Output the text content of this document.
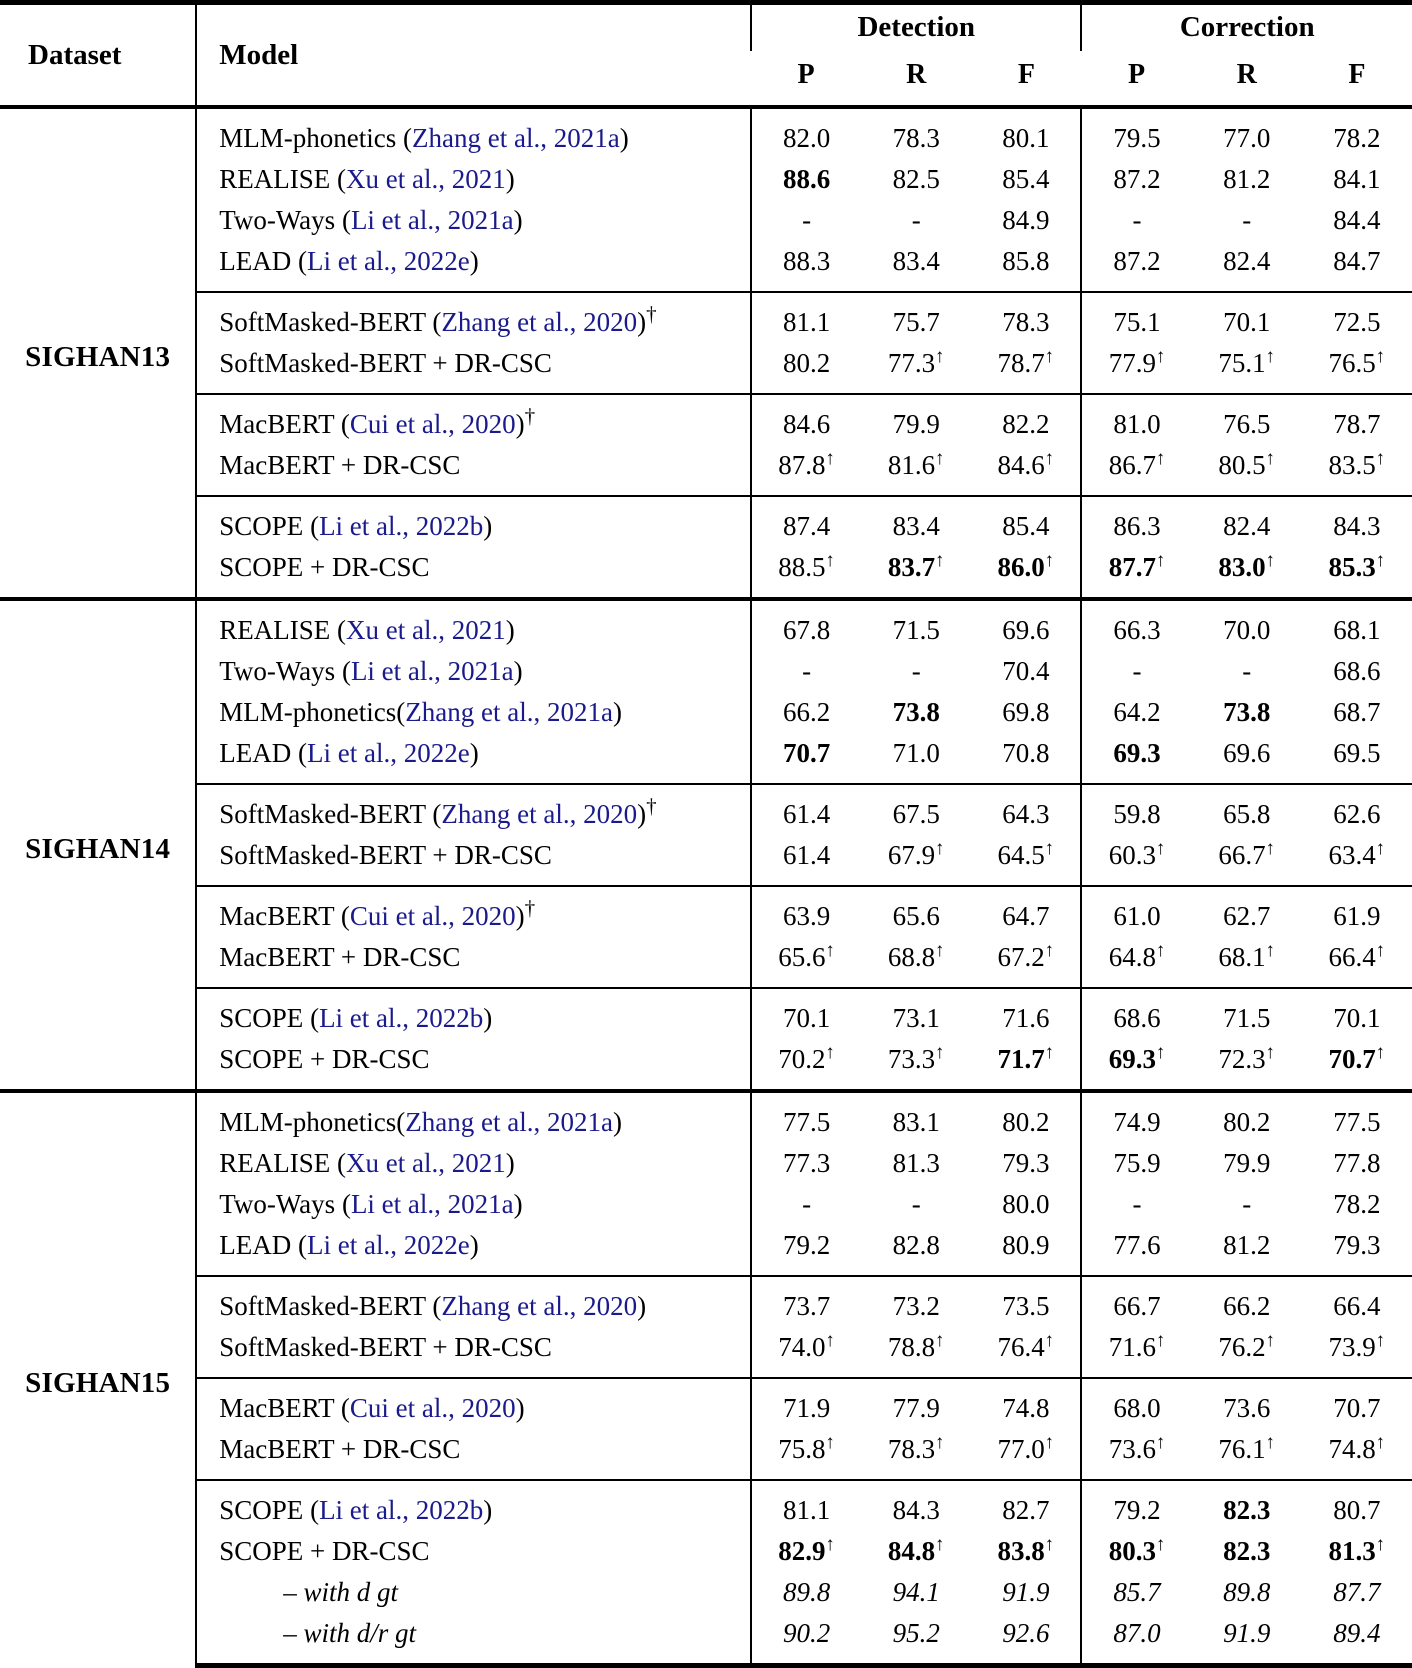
Dataset	Model	Detection			Correction		
		P	R	F	P	R	F
SIGHAN13	MLM-phonetics (Zhang et al., 2021a)	82.0	78.3	80.1	79.5	77.0	78.2
	REALISE (Xu et al., 2021)	88.6	82.5	85.4	87.2	81.2	84.1
	Two-Ways (Li et al., 2021a)	-	-	84.9	-	-	84.4
	LEAD (Li et al., 2022e)	88.3	83.4	85.8	87.2	82.4	84.7
	SoftMasked-BERT (Zhang et al., 2020)†	81.1	75.7	78.3	75.1	70.1	72.5
	SoftMasked-BERT + DR-CSC	80.2	77.3↑	78.7↑	77.9↑	75.1↑	76.5↑
	MacBERT (Cui et al., 2020)†	84.6	79.9	82.2	81.0	76.5	78.7
	MacBERT + DR-CSC	87.8↑	81.6↑	84.6↑	86.7↑	80.5↑	83.5↑
	SCOPE (Li et al., 2022b)	87.4	83.4	85.4	86.3	82.4	84.3
	SCOPE + DR-CSC	88.5↑	83.7↑	86.0↑	87.7↑	83.0↑	85.3↑
SIGHAN14	REALISE (Xu et al., 2021)	67.8	71.5	69.6	66.3	70.0	68.1
	Two-Ways (Li et al., 2021a)	-	-	70.4	-	-	68.6
	MLM-phonetics(Zhang et al., 2021a)	66.2	73.8	69.8	64.2	73.8	68.7
	LEAD (Li et al., 2022e)	70.7	71.0	70.8	69.3	69.6	69.5
	SoftMasked-BERT (Zhang et al., 2020)†	61.4	67.5	64.3	59.8	65.8	62.6
	SoftMasked-BERT + DR-CSC	61.4	67.9↑	64.5↑	60.3↑	66.7↑	63.4↑
	MacBERT (Cui et al., 2020)†	63.9	65.6	64.7	61.0	62.7	61.9
	MacBERT + DR-CSC	65.6↑	68.8↑	67.2↑	64.8↑	68.1↑	66.4↑
	SCOPE (Li et al., 2022b)	70.1	73.1	71.6	68.6	71.5	70.1
	SCOPE + DR-CSC	70.2↑	73.3↑	71.7↑	69.3↑	72.3↑	70.7↑
SIGHAN15	MLM-phonetics(Zhang et al., 2021a)	77.5	83.1	80.2	74.9	80.2	77.5
	REALISE (Xu et al., 2021)	77.3	81.3	79.3	75.9	79.9	77.8
	Two-Ways (Li et al., 2021a)	-	-	80.0	-	-	78.2
	LEAD (Li et al., 2022e)	79.2	82.8	80.9	77.6	81.2	79.3
	SoftMasked-BERT (Zhang et al., 2020)	73.7	73.2	73.5	66.7	66.2	66.4
	SoftMasked-BERT + DR-CSC	74.0↑	78.8↑	76.4↑	71.6↑	76.2↑	73.9↑
	MacBERT (Cui et al., 2020)	71.9	77.9	74.8	68.0	73.6	70.7
	MacBERT + DR-CSC	75.8↑	78.3↑	77.0↑	73.6↑	76.1↑	74.8↑
	SCOPE (Li et al., 2022b)	81.1	84.3	82.7	79.2	82.3	80.7
	SCOPE + DR-CSC	82.9↑	84.8↑	83.8↑	80.3↑	82.3	81.3↑
	– with d gt	89.8	94.1	91.9	85.7	89.8	87.7
	– with d/r gt	90.2	95.2	92.6	87.0	91.9	89.4
